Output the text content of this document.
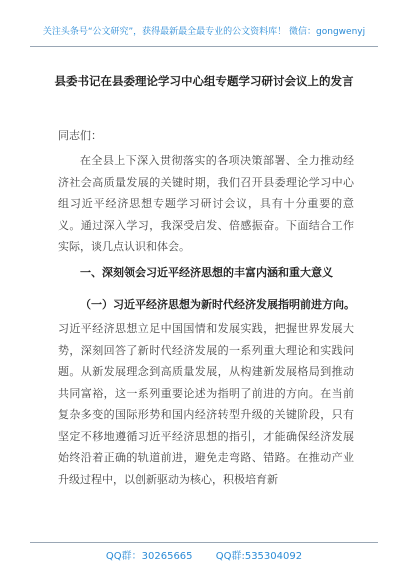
关注头条号“公文研究”，获得最新最全最专业的公文资料库！ 微信：gongwenyj
县委书记在县委理论学习中心组专题学习研讨会议上的发言
同志们：

在全县上下深入贯彻落实的各项决策部署、全力推动经济社会高质量发展的关键时期，我们召开县委理论学习中心组习近平经济思想专题学习研讨会议，具有十分重要的意义。通过深入学习，我深受启发、倍感振奋。下面结合工作实际，谈几点认识和体会。

一、深刻领会习近平经济思想的丰富内涵和重大意义
（一）习近平经济思想为新时代经济发展指明前进方向。

习近平经济思想立足中国国情和发展实践，把握世界发展大势，深刻回答了新时代经济发展的一系列重大理论和实践问题。从新发展理念到高质量发展，从构建新发展格局到推动共同富裕，这一系列重要论述为指明了前进的方向。在当前复杂多变的国际形势和国内经济转型升级的关键阶段，只有坚定不移地遵循习近平经济思想的指引，才能确保经济发展始终沿着正确的轨道前进，避免走弯路、错路。在推动产业升级过程中，以创新驱动为核心，积极培育新

QQ群：30265665 QQ群:535304092
